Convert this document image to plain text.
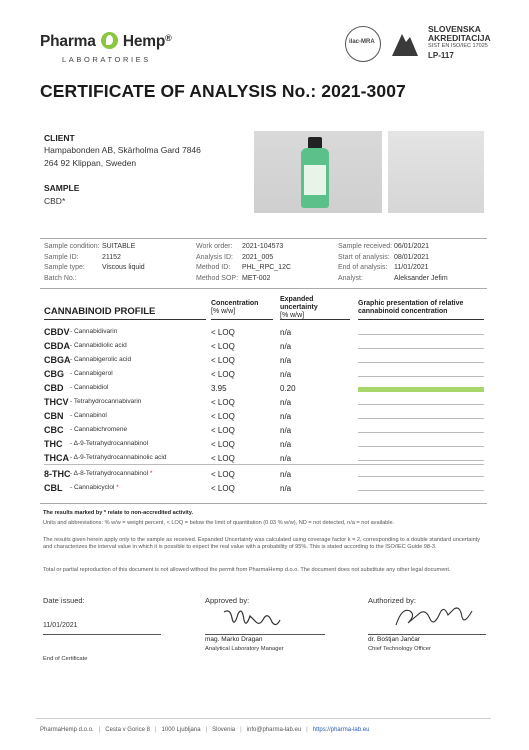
Pharma Hemp®
LABORATORIES
ilac-MRA
SLOVENSKA
AKREDITACIJA
SIST EN ISO/IEC 17025
LP-117
CERTIFICATE OF ANALYSIS No.: 2021-3007
CLIENT
Hampabonden AB, Skärholma Gard 7846
264 92 Klippan, Sweden
SAMPLE
CBD*
Sample condition: SUITABLE
Sample ID:	21152
Sample type: Viscous liquid
Batch No.:
Work order: 2021-104573
Analysis ID: 2021_005
Method ID: PHL_RPC_12C
Method SOP: MET-002
Sample received: 06/01/2021
Start of analysis: 08/01/2021
End of analysis: 11/01/2021
Analyst:	Aleksander Jefim
CANNABINOID PROFILE
Concentration
[% w/w]
Expanded
uncertainty
[% w/w]
Graphic presentation of relative
cannabinoid concentration
CBDV - Cannabidivarin	< LOQ	n/a
CBDA - Cannabidiolic acid	< LOQ	n/a
CBGA - Cannabigerolic acid	< LOQ	n/a
CBG - Cannabigerol	< LOQ	n/a
CBD - Cannabidiol	3.95	0.20
THCV - Tetrahydrocannabivarin	< LOQ	n/a
CBN - Cannabinol	< LOQ	n/a
CBC - Cannabichromene	< LOQ	n/a
THC - Δ-9-Tetrahydrocannabinol	< LOQ	n/a
THCA - Δ-9-Tetrahydrocannabinolic acid	< LOQ	n/a
8-THC - Δ-8-Tetrahydrocannabinol *	< LOQ	n/a
CBL - Cannabicyclol *	< LOQ	n/a
The results marked by * relate to non-accredited activity.
Units and abbreviations: % w/w = weight percent, < LOQ = below the limit of quantitation (0.03 % w/w), ND = not detected, n/a = not available.
The results given herein apply only to the sample as received. Expanded Uncertainty was calculated using coverage factor k = 2, corresponding to a double standard uncertainty and characterizes the interval value in which it is possible to expect the real value with a probability of 95%. This is stated according to the ISO/IEC Guide 98-3.
Total or partial reproduction of this document is not allowed without the permit from PharmaHemp d.o.o. The document does not substitute any other legal document.
Date issued:
11/01/2021
Approved by:
mag. Marko Dragan
Analytical Laboratory Manager
Authorized by:
dr. Boštjan Jančar
Chief Technology Officer
End of Certificate
PharmaHemp d.o.o. | Cesta v Gorice 8 | 1000 Ljubljana | Slovenia | info@pharma-lab.eu | https://pharma-lab.eu
